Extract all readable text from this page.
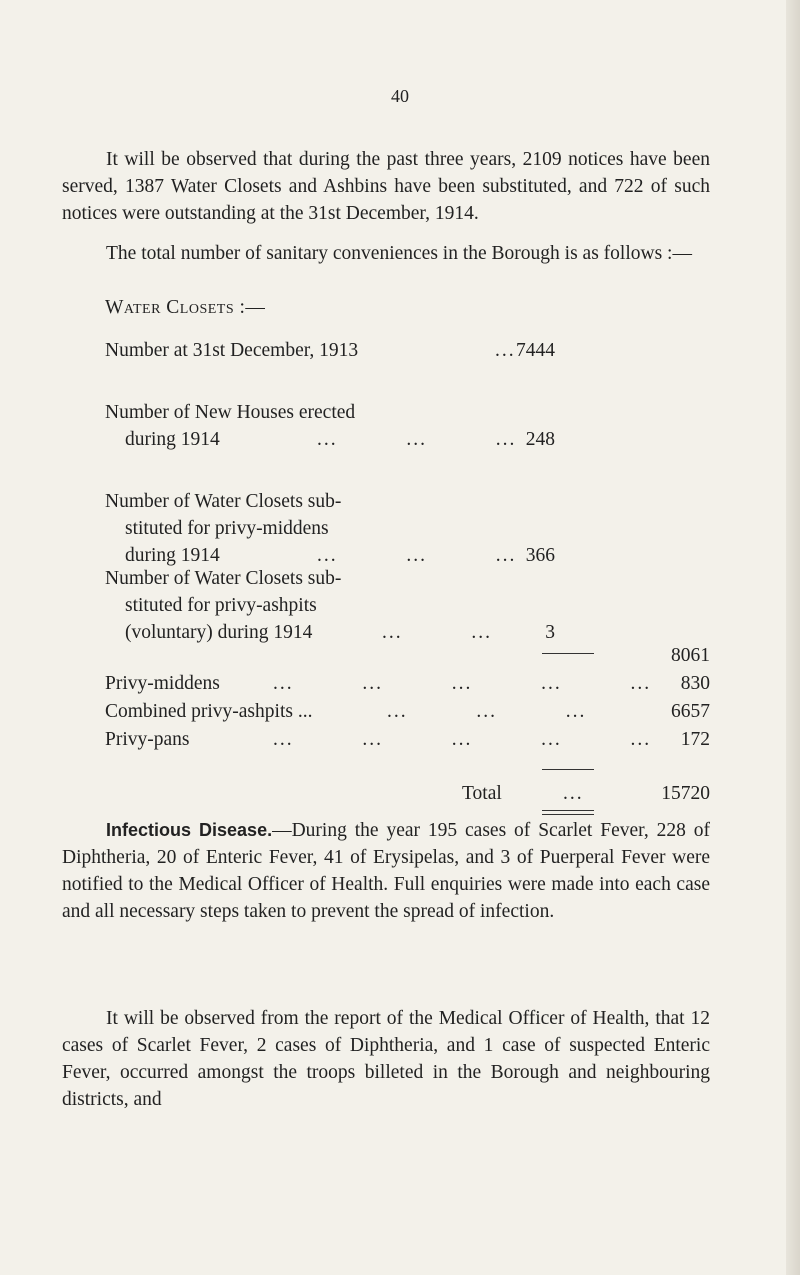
40
It will be observed that during the past three years, 2109 notices have been served, 1387 Water Closets and Ashbins have been substituted, and 722 of such notices were outstanding at the 31st December, 1914.
The total number of sanitary conveniences in the Borough is as follows :—
Water Closets :—
Number at 31st December, 1913	... 7444
Number of New Houses erected
during 1914	...          ...          ... 248
Number of Water Closets sub-
stituted for privy-middens
during 1914	...          ...          ... 366
Number of Water Closets sub-
stituted for privy-ashpits
(voluntary) during 1914	...          ...	3
8061
Privy-middens	...          ...          ...          ...          ...	830
Combined privy-ashpits ...	...          ...          ...	6657
Privy-pans	...          ...          ...          ...          ...	172
Total	...	15720
Infectious Disease.—During the year 195 cases of Scarlet Fever, 228 of Diphtheria, 20 of Enteric Fever, 41 of Erysipelas, and 3 of Puerperal Fever were notified to the Medical Officer of Health. Full enquiries were made into each case and all necessary steps taken to prevent the spread of infection.
It will be observed from the report of the Medical Officer of Health, that 12 cases of Scarlet Fever, 2 cases of Diphtheria, and 1 case of suspected Enteric Fever, occurred amongst the troops billeted in the Borough and neighbouring districts, and
